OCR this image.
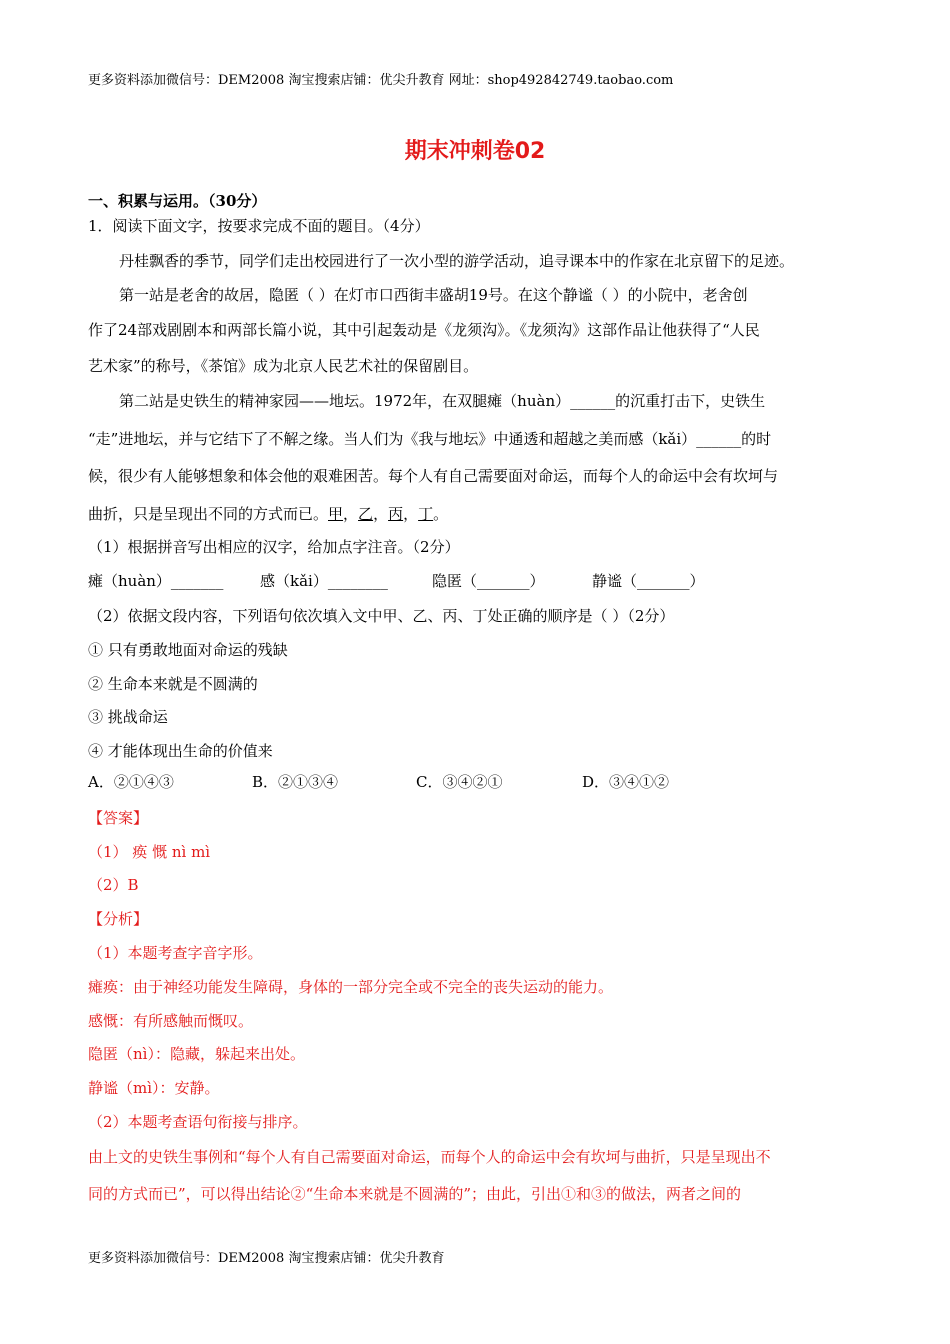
更多资料添加微信号：DEM2008 淘宝搜索店铺：优尖升教育 网址：shop492842749.taobao.com
期末冲刺卷02
一、积累与运用。（30分）
1．阅读下面文字，按要求完成不面的题目。（4分）
丹桂飘香的季节，同学们走出校园进行了一次小型的游学活动，追寻课本中的作家在北京留下的足迹。
第一站是老舍的故居，隐匿（ ）在灯市口西街丰盛胡19号。在这个静谧（ ）的小院中，老舍创
作了24部戏剧剧本和两部长篇小说，其中引起轰动是《龙须沟》。《龙须沟》这部作品让他获得了“人民
艺术家”的称号，《茶馆》成为北京人民艺术社的保留剧目。
第二站是史铁生的精神家园——地坛。1972年，在双腿瘫（huàn）______的沉重打击下，史铁生
“走”进地坛，并与它结下了不解之缘。当人们为《我与地坛》中通透和超越之美而感（kǎi）______的时
候，很少有人能够想象和体会他的艰难困苦。每个人有自己需要面对命运，而每个人的命运中会有坎坷与
曲折，只是呈现出不同的方式而已。甲，乙，丙，丁。
（1）根据拼音写出相应的汉字，给加点字注音。（2分）
瘫（huàn）_______ 感（kǎi）________	隐匿（_______）	静谧（_______）
（2）依据文段内容，下列语句依次填入文中甲、乙、丙、丁处正确的顺序是（ ）（2分）
① 只有勇敢地面对命运的残缺
② 生命本来就是不圆满的
③ 挑战命运
④ 才能体现出生命的价值来
A．②①④③	B．②①③④	C．③④②①	D．③④①②
【答案】
（1） 痪 慨 nì mì
（2）B
【分析】
（1）本题考查字音字形。
瘫痪：由于神经功能发生障碍，身体的一部分完全或不完全的丧失运动的能力。
感慨：有所感触而慨叹。
隐匿（nì）：隐藏，躲起来出处。
静谧（mì）：安静。
（2）本题考查语句衔接与排序。
由上文的史铁生事例和“每个人有自己需要面对命运，而每个人的命运中会有坎坷与曲折，只是呈现出不
同的方式而已”，可以得出结论②“生命本来就是不圆满的”；由此，引出①和③的做法，两者之间的
更多资料添加微信号：DEM2008 淘宝搜索店铺：优尖升教育
